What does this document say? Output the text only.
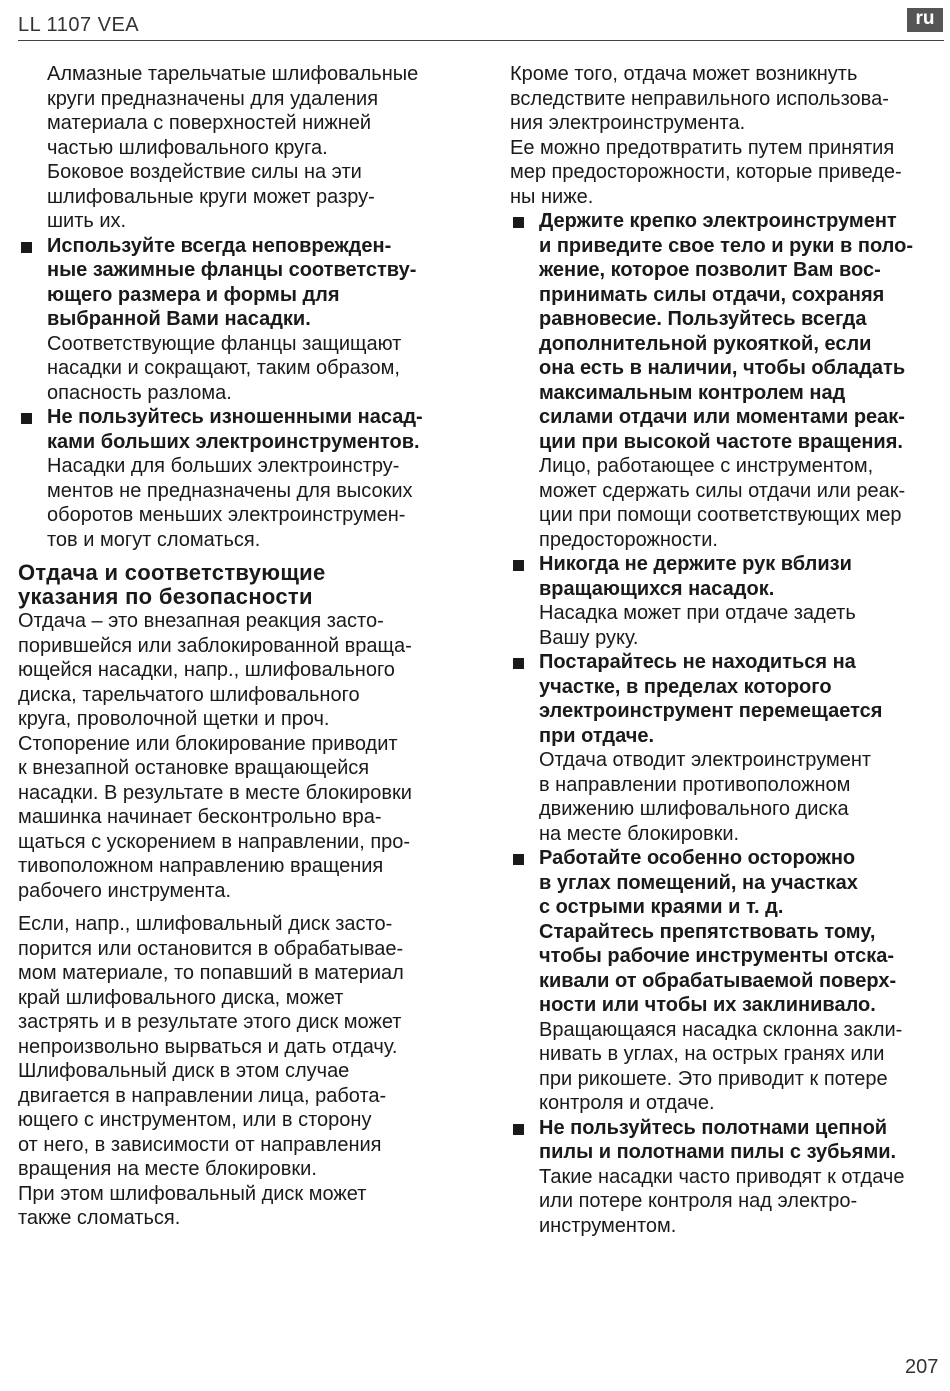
LL 1107 VEA	ru
Алмазные тарельчатые шлифовальные
круги предназначены для удаления
материала с поверхностей нижней
частью шлифовального круга.
Боковое воздействие силы на эти
шлифовальные круги может разру-
шить их.
Используйте всегда неповрежден-
ные зажимные фланцы соответству-
ющего размера и формы для
выбранной Вами насадки.
Соответствующие фланцы защищают
насадки и сокращают, таким образом,
опасность разлома.
Не пользуйтесь изношенными насад-
ками больших электроинструментов.
Насадки для больших электроинстру-
ментов не предназначены для высоких
оборотов меньших электроинструмен-
тов и могут сломаться.
Отдача и соответствующие
указания по безопасности
Отдача – это внезапная реакция засто-
порившейся или заблокированной враща-
ющейся насадки, напр., шлифовального
диска, тарельчатого шлифовального
круга, проволочной щетки и проч.
Стопорение или блокирование приводит
к внезапной остановке вращающейся
насадки. В результате в месте блокировки
машинка начинает бесконтрольно вра-
щаться с ускорением в направлении, про-
тивоположном направлению вращения
рабочего инструмента.
Если, напр., шлифовальный диск засто-
порится или остановится в обрабатывае-
мом материале, то попавший в материал
край шлифовального диска, может
застрять и в результате этого диск может
непроизвольно вырваться и дать отдачу.
Шлифовальный диск в этом случае
двигается в направлении лица, работа-
ющего с инструментом, или в сторону
от него, в зависимости от направления
вращения на месте блокировки.
При этом шлифовальный диск может
также сломаться.
Кроме того, отдача может возникнуть
вследствите неправильного использова-
ния электроинструмента.
Ее можно предотвратить путем принятия
мер предосторожности, которые приведе-
ны ниже.
Держите крепко электроинструмент
и приведите свое тело и руки в поло-
жение, которое позволит Вам вос-
принимать силы отдачи, сохраняя
равновесие. Пользуйтесь всегда
дополнительной рукояткой, если
она есть в наличии, чтобы обладать
максимальным контролем над
силами отдачи или моментами реак-
ции при высокой частоте вращения.
Лицо, работающее с инструментом,
может сдержать силы отдачи или реак-
ции при помощи соответствующих мер
предосторожности.
Никогда не держите рук вблизи
вращающихся насадок.
Насадка может при отдаче задеть
Вашу руку.
Постарайтесь не находиться на
участке, в пределах которого
электроинструмент перемещается
при отдаче.
Отдача отводит электроинструмент
в направлении противоположном
движению шлифовального диска
на месте блокировки.
Работайте особенно осторожно
в углах помещений, на участках
с острыми краями и т. д.
Старайтесь препятствовать тому,
чтобы рабочие инструменты отска-
кивали от обрабатываемой поверх-
ности или чтобы их заклинивало.
Вращающаяся насадка склонна закли-
нивать в углах, на острых гранях или
при рикошете. Это приводит к потере
контроля и отдаче.
Не пользуйтесь полотнами цепной
пилы и полотнами пилы с зубьями.
Такие насадки часто приводят к отдаче
или потере контроля над электро-
инструментом.
207
